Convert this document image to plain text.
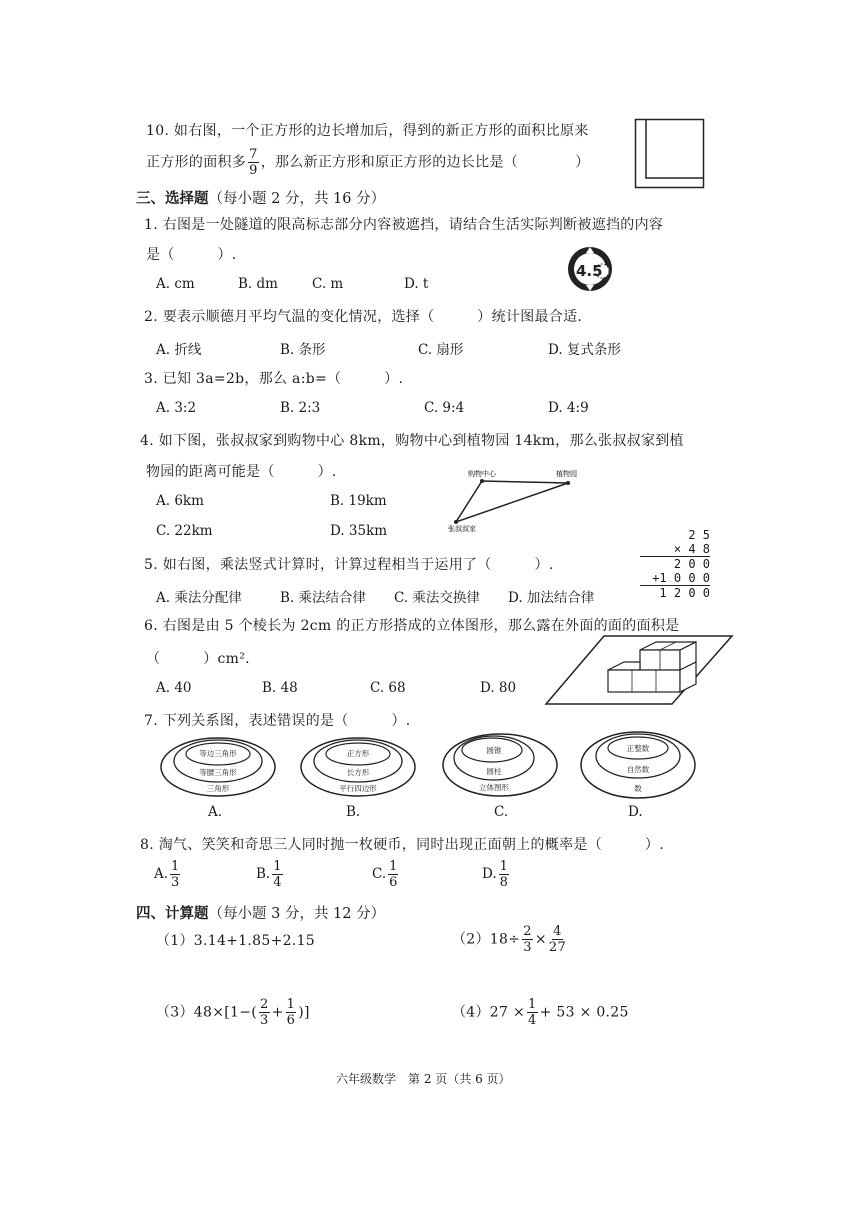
10. 如右图，一个正方形的边长增加后，得到的新正方形的面积比原来
正方形的面积多 $\frac{7}{9}$ ，那么新正方形和原正方形的边长比是（　　　　）
三、选择题（每小题 2 分，共 16 分）
1. 右图是一处隧道的限高标志部分内容被遮挡，请结合生活实际判断被遮挡的内容
是（　　　）.
A. cm	B. dm	C. m	D. t
4.5
2. 要表示顺德月平均气温的变化情况，选择（　　　）统计图最合适.
A. 折线	B. 条形	C. 扇形	D. 复式条形
3. 已知 3a=2b，那么 a:b=（　　　）.
A. 3:2	B. 2:3	C. 9:4	D. 4:9
4. 如下图，张叔叔家到购物中心 8km，购物中心到植物园 14km，那么张叔叔家到植
物园的距离可能是（　　　）.
A. 6km	B. 19km
C. 22km	D. 35km
购物中心	植物园
张叔叔家
5. 如右图，乘法竖式计算时，计算过程相当于运用了（　　　）.
A. 乘法分配律	B. 乘法结合律 C. 乘法交换律 D. 加法结合律
2 5
× 4 8
2 0 0
+1 0 0 0
1 2 0 0
6. 右图是由 5 个棱长为 2cm 的正方形搭成的立体图形，那么露在外面的面的面积是
（　　　）cm².
A. 40	B. 48	C. 68	D. 80
7. 下列关系图，表述错误的是（　　　）.
等边三角形
等腰三角形
三角形
A.
正方形
长方形
平行四边形
B.
圆锥
圆柱
立体图形
C.
正整数
自然数
数
D.
8. 淘气、笑笑和奇思三人同时抛一枚硬币，同时出现正面朝上的概率是（　　　）.
A. $\frac{1}{3}$	B. $\frac{1}{4}$	C. $\frac{1}{6}$	D. $\frac{1}{8}$
四、计算题（每小题 3 分，共 12 分）
（1）3.14+1.85+2.15	$(2)18\div \frac{2}{3} \times \frac{4}{27}$
$(3)48\times[1-( \frac{2}{3} + \frac{1}{6}$ )]	$(4)27 \times \frac{1}{4} + 53 \times 0.25$
六年级数学　第 2 页（共 6 页）
